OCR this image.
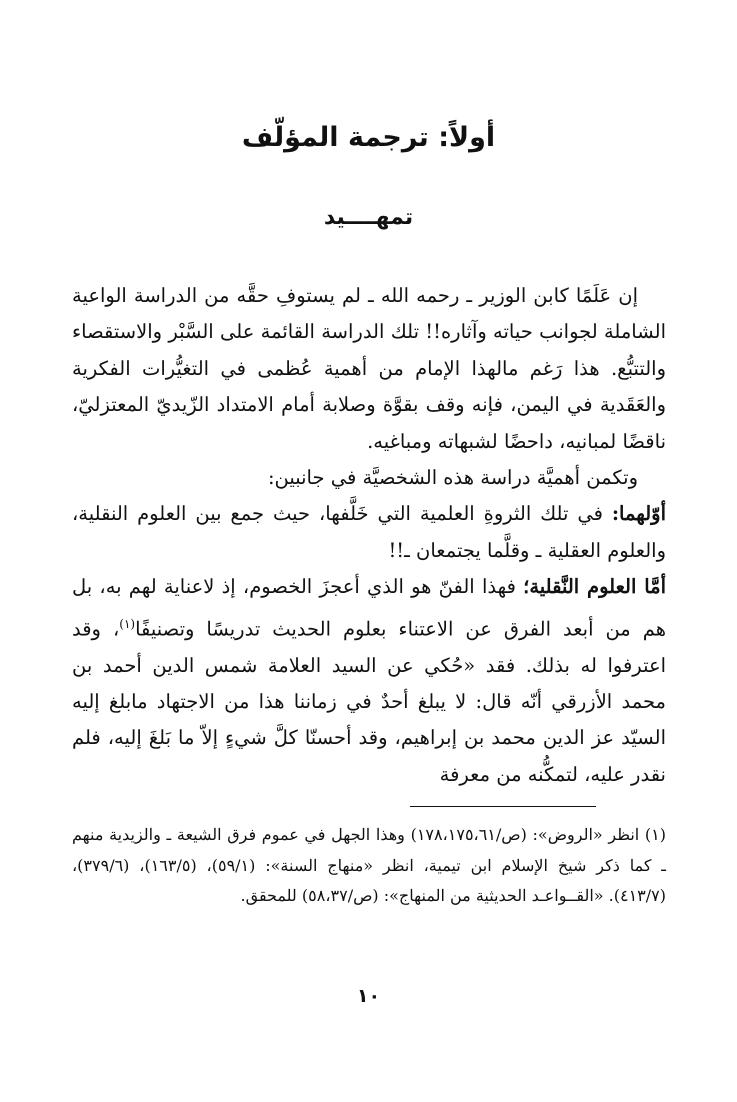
أولاً: ترجمة المؤلّف
تمهــــيد

إن عَلَمًا كابن الوزير ـ رحمه الله ـ لم يستوفِ حقَّه من الدراسة الواعية الشاملة لجوانب حياته وآثاره!! تلك الدراسة القائمة على السَّبْر والاستقصاء والتتبُّع. هذا رَغم مالهذا الإمام من أهمية عُظمى في التغيُّرات الفكرية والعَقَدية في اليمن، فإنه وقف بقوَّة وصلابة أمام الامتداد الزّيديّ المعتزليّ، ناقضًا لمبانيه، داحضًا لشبهاته ومباغيه.

وتكمن أهميَّة دراسة هذه الشخصيَّة في جانبين:

أوّلهما: في تلك الثروةِ العلمية التي خَلَّفها، حيث جمع بين العلوم النقلية، والعلوم العقلية ـ وقلَّما يجتمعان ـ!!

أمَّا العلوم النَّقلية؛ فهذا الفنّ هو الذي أعجزَ الخصوم، إذ لاعناية لهم به، بل هم من أبعد الفرق عن الاعتناء بعلوم الحديث تدريسًا وتصنيفًا$^{(١)}$، وقد اعترفوا له بذلك. فقد «حُكي عن السيد العلامة شمس الدين أحمد بن محمد الأزرقي أنّه قال: لا يبلغ أحدٌ في زماننا هذا من الاجتهاد مابلغ إليه السيّد عز الدين محمد بن إبراهيم، وقد أحسنّا كلَّ شيءٍ إلاّ ما بَلغَ إليه، فلم نقدر عليه، لتمكُّنه من معرفة

(١) انظر «الروض»: (ص/١٧٨،١٧٥،٦١) وهذا الجهل في عموم فرق الشيعة ـ والزيدية منهم ـ كما ذكر شيخ الإسلام ابن تيمية، انظر «منهاج السنة»: (٥٩/١)، (١٦٣/٥)، (٣٧٩/٦)، (٤١٣/٧). «القــواعـد الحديثية من المنهاج»: (ص/٥٨،٣٧) للمحقق.

١٠
